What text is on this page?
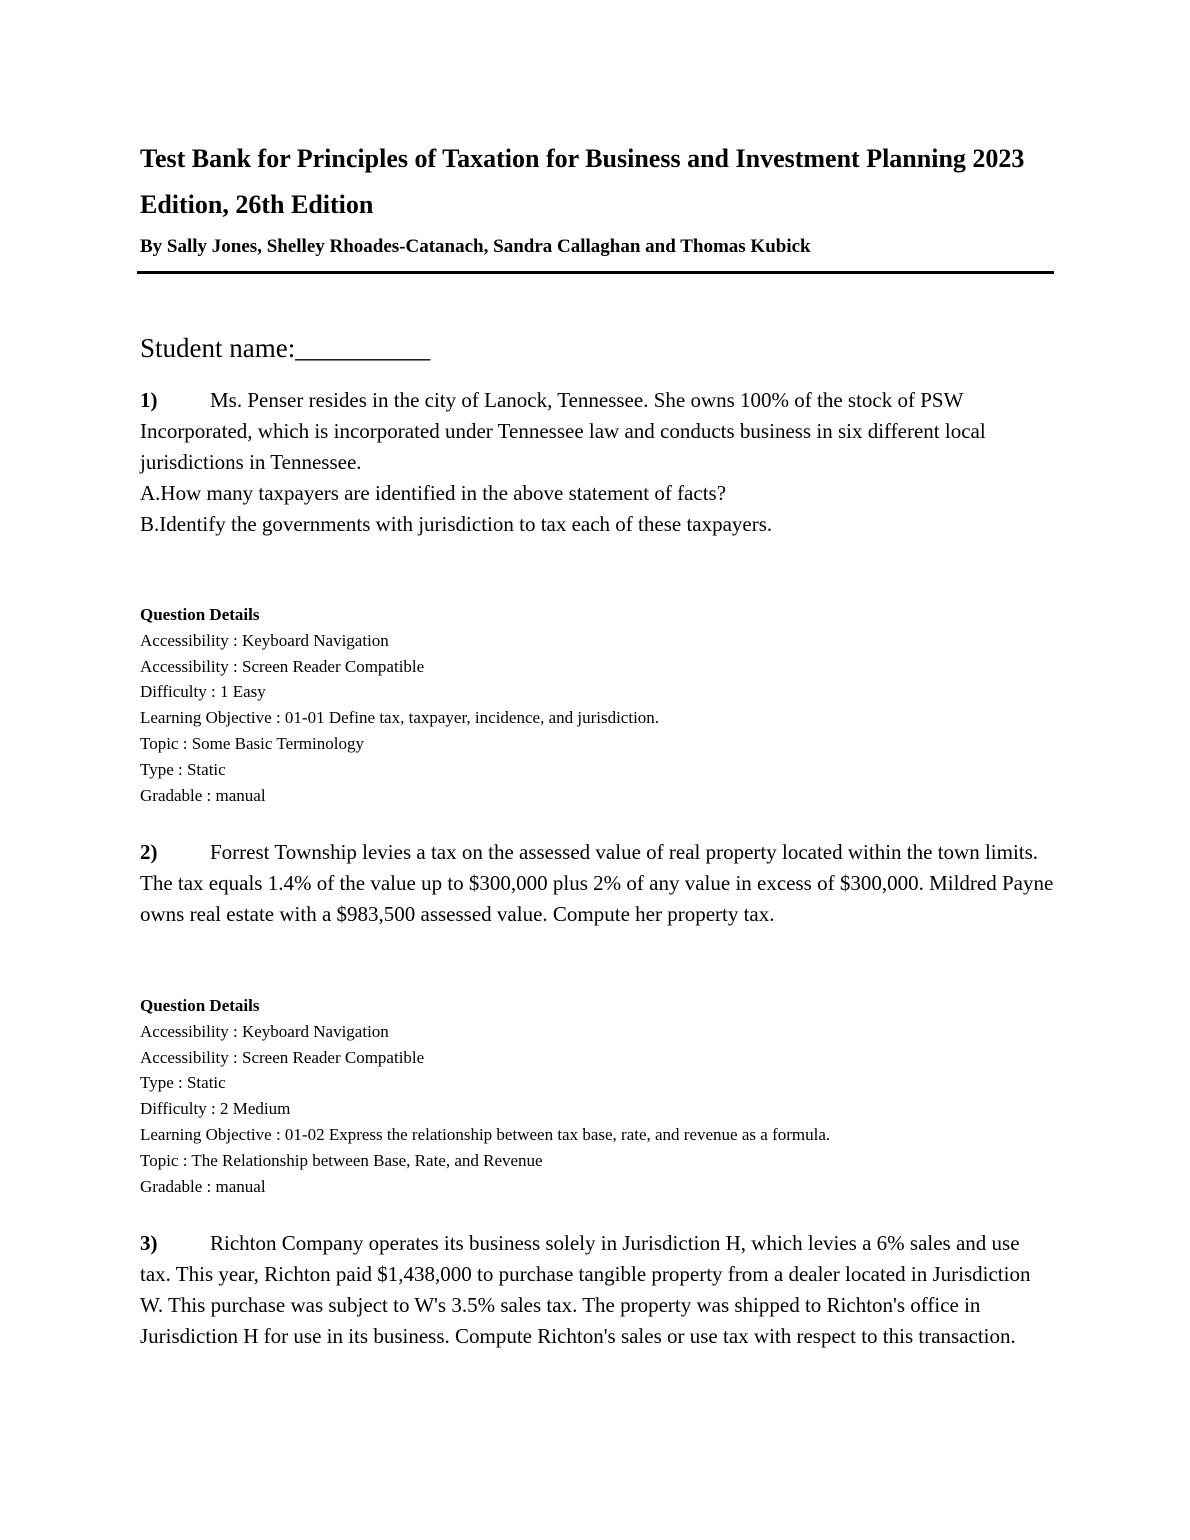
Test Bank for Principles of Taxation for Business and Investment Planning 2023 Edition, 26th Edition

By Sally Jones, Shelley Rhoades-Catanach, Sandra Callaghan and Thomas Kubick

Student name:__________

1)	Ms. Penser resides in the city of Lanock, Tennessee. She owns 100% of the stock of PSW Incorporated, which is incorporated under Tennessee law and conducts business in six different local jurisdictions in Tennessee.
A.How many taxpayers are identified in the above statement of facts?
B.Identify the governments with jurisdiction to tax each of these taxpayers.
Question Details
Accessibility : Keyboard Navigation
Accessibility : Screen Reader Compatible
Difficulty : 1 Easy
Learning Objective : 01-01 Define tax, taxpayer, incidence, and jurisdiction.
Topic : Some Basic Terminology
Type : Static
Gradable : manual
2)	Forrest Township levies a tax on the assessed value of real property located within the town limits. The tax equals 1.4% of the value up to $300,000 plus 2% of any value in excess of $300,000. Mildred Payne owns real estate with a $983,500 assessed value. Compute her property tax.
Question Details
Accessibility : Keyboard Navigation
Accessibility : Screen Reader Compatible
Type : Static
Difficulty : 2 Medium
Learning Objective : 01-02 Express the relationship between tax base, rate, and revenue as a formula.
Topic : The Relationship between Base, Rate, and Revenue
Gradable : manual
3)	Richton Company operates its business solely in Jurisdiction H, which levies a 6% sales and use tax. This year, Richton paid $1,438,000 to purchase tangible property from a dealer located in Jurisdiction W. This purchase was subject to W's 3.5% sales tax. The property was shipped to Richton's office in Jurisdiction H for use in its business. Compute Richton's sales or use tax with respect to this transaction.
